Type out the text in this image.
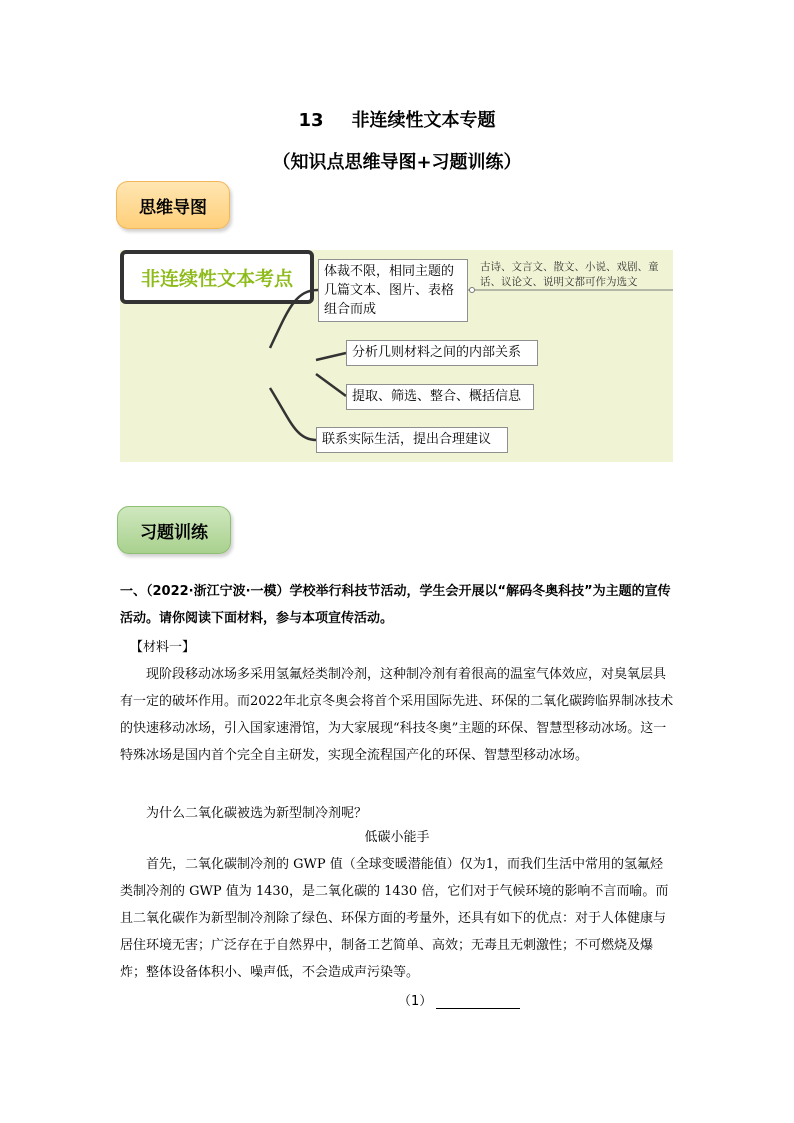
13 非连续性文本专题
（知识点思维导图+习题训练）
思维导图
非连续性文本考点	体裁不限，相同主题的几篇文本、图片、表格组合而成
分析几则材料之间的内部关系
提取、筛选、整合、概括信息
联系实际生活，提出合理建议
古诗、文言文、散文、小说、戏剧、童话、议论文、说明文都可作为选文
习题训练
一、（2022·浙江宁波·一模）学校举行科技节活动，学生会开展以“解码冬奥科技”为主题的宣传活动。请你阅读下面材料，参与本项宣传活动。
【材料一】
现阶段移动冰场多采用氢氟烃类制冷剂，这种制冷剂有着很高的温室气体效应，对臭氧层具有一定的破坏作用。而2022年北京冬奥会将首个采用国际先进、环保的二氧化碳跨临界制冰技术的快速移动冰场，引入国家速滑馆，为大家展现“科技冬奥”主题的环保、智慧型移动冰场。这一特殊冰场是国内首个完全自主研发，实现全流程国产化的环保、智慧型移动冰场。
为什么二氧化碳被选为新型制冷剂呢？
低碳小能手
首先，二氧化碳制冷剂的 GWP 值（全球变暖潜能值）仅为1，而我们生活中常用的氢氟烃类制冷剂的 GWP 值为 1430，是二氧化碳的 1430 倍，它们对于气候环境的影响不言而喻。而且二氧化碳作为新型制冷剂除了绿色、环保方面的考量外，还具有如下的优点：对于人体健康与居住环境无害；广泛存在于自然界中，制备工艺简单、高效；无毒且无刺激性；不可燃烧及爆炸；整体设备体积小、噪声低，不会造成声污染等。
（1）
